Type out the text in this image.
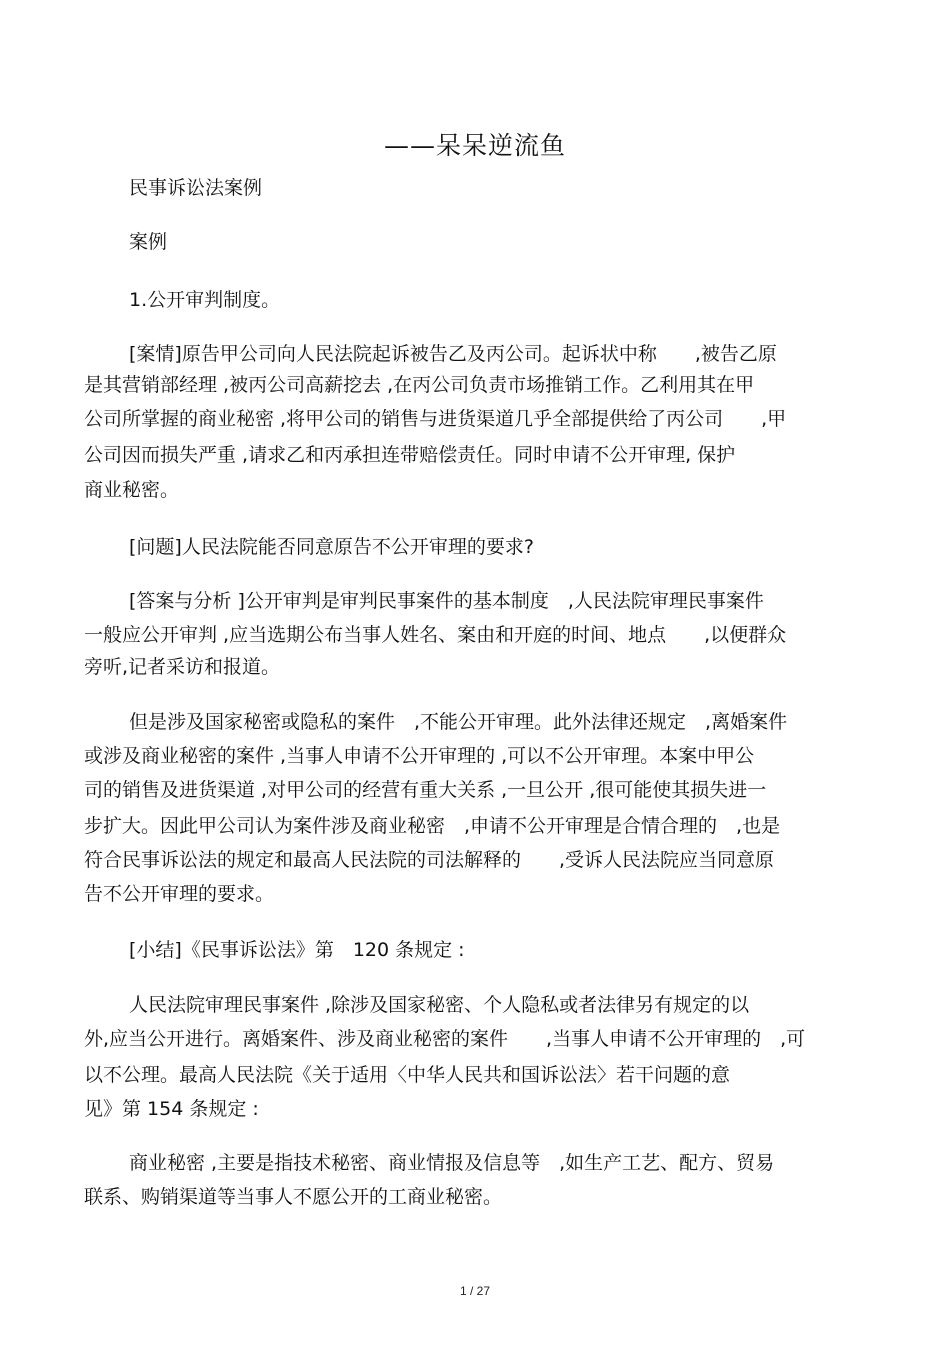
——呆呆逆流鱼
民事诉讼法案例
案例
1.公开审判制度。
[案情]原告甲公司向人民法院起诉被告乙及丙公司。起诉状中称　　,被告乙原
是其营销部经理 ,被丙公司高薪挖去 ,在丙公司负责市场推销工作。乙利用其在甲
公司所掌握的商业秘密 ,将甲公司的销售与进货渠道几乎全部提供给了丙公司　　,甲
公司因而损失严重 ,请求乙和丙承担连带赔偿责任。同时申请不公开审理, 保护
商业秘密。
[问题]人民法院能否同意原告不公开审理的要求?
[答案与分析 ]公开审判是审判民事案件的基本制度　,人民法院审理民事案件
一般应公开审判 ,应当选期公布当事人姓名、案由和开庭的时间、地点　　,以便群众
旁听,记者采访和报道。
但是涉及国家秘密或隐私的案件　,不能公开审理。此外法律还规定　,离婚案件
或涉及商业秘密的案件 ,当事人申请不公开审理的 ,可以不公开审理。本案中甲公
司的销售及进货渠道 ,对甲公司的经营有重大关系 ,一旦公开 ,很可能使其损失进一
步扩大。因此甲公司认为案件涉及商业秘密　,申请不公开审理是合情合理的　,也是
符合民事诉讼法的规定和最高人民法院的司法解释的　　,受诉人民法院应当同意原
告不公开审理的要求。
[小结]《民事诉讼法》第　120 条规定 :
人民法院审理民事案件 ,除涉及国家秘密、个人隐私或者法律另有规定的以
外,应当公开进行。离婚案件、涉及商业秘密的案件　　,当事人申请不公开审理的　,可
以不公理。最高人民法院《关于适用〈中华人民共和国诉讼法〉若干问题的意
见》第 154 条规定 :
商业秘密 ,主要是指技术秘密、商业情报及信息等　,如生产工艺、配方、贸易
联系、购销渠道等当事人不愿公开的工商业秘密。
1 / 27
